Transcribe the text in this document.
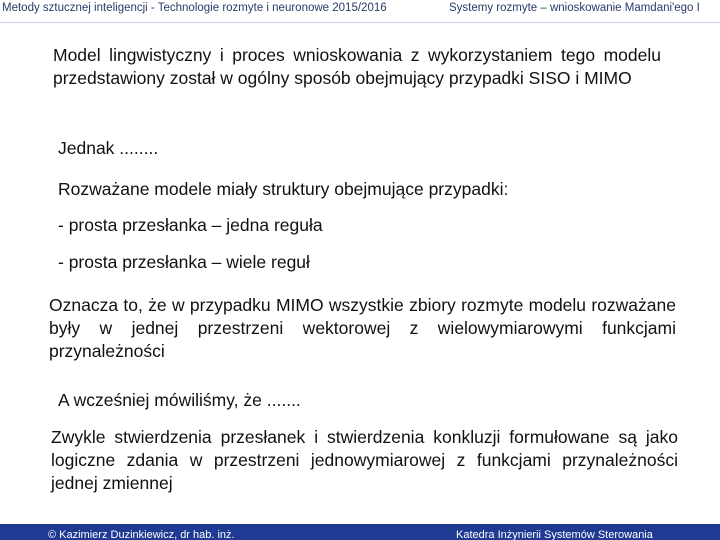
Metody sztucznej inteligencji - Technologie rozmyte i neuronowe 2015/2016	Systemy rozmyte – wnioskowanie Mamdani'ego I

Model lingwistyczny i proces wnioskowania z wykorzystaniem tego modelu przedstawiony został w ogólny sposób obejmujący przypadki SISO i MIMO

Jednak ........

Rozważane modele miały struktury obejmujące przypadki:

- prosta przesłanka – jedna reguła

- prosta przesłanka – wiele reguł

Oznacza to, że w przypadku MIMO wszystkie zbiory rozmyte modelu rozważane były w jednej przestrzeni wektorowej z wielowymiarowymi funkcjami przynależności

A wcześniej mówiliśmy, że .......

Zwykle stwierdzenia przesłanek i stwierdzenia konkluzji formułowane są jako logiczne zdania w przestrzeni jednowymiarowej z funkcjami przynależności jednej zmiennej

© Kazimierz Duzinkiewicz, dr hab. inż.	Katedra Inżynierii Systemów Sterowania
30
